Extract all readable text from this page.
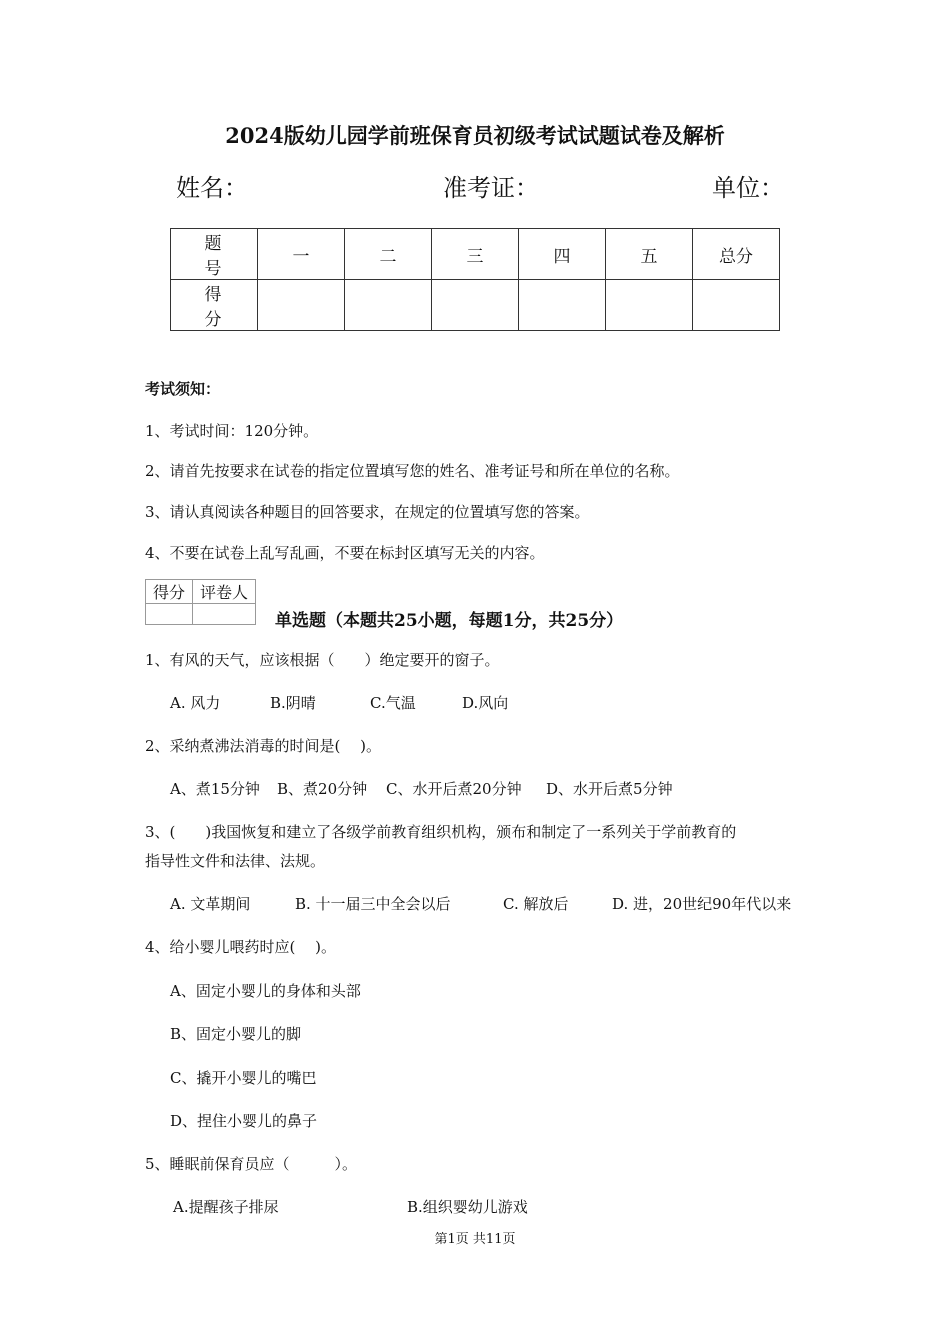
2024版幼儿园学前班保育员初级考试试题试卷及解析
姓名：	准考证：	单位：
题号	一	二	三	四	五	总分
得分						
考试须知：
1、考试时间：120分钟。
2、请首先按要求在试卷的指定位置填写您的姓名、准考证号和所在单位的名称。
3、请认真阅读各种题目的回答要求，在规定的位置填写您的答案。
4、不要在试卷上乱写乱画，不要在标封区填写无关的内容。
得分	评卷人

单选题（本题共25小题，每题1分，共25分）
1、有风的天气，应该根据（　　）绝定要开的窗子。
A. 风力	B.阴晴	C.气温	D.风向
2、采纳煮沸法消毒的时间是(　 )。
A、煮15分钟 B、煮20分钟 C、水开后煮20分钟 D、水开后煮5分钟
3、(　　)我国恢复和建立了各级学前教育组织机构，颁布和制定了一系列关于学前教育的
指导性文件和法律、法规。
A. 文革期间	B. 十一届三中全会以后	C. 解放后	D. 进，20世纪90年代以来
4、给小婴儿喂药时应(　 )。
A、固定小婴儿的身体和头部
B、固定小婴儿的脚
C、撬开小婴儿的嘴巴
D、捏住小婴儿的鼻子
5、睡眠前保育员应（　　　）。
A.提醒孩子排尿	B.组织婴幼儿游戏
第1页 共11页
